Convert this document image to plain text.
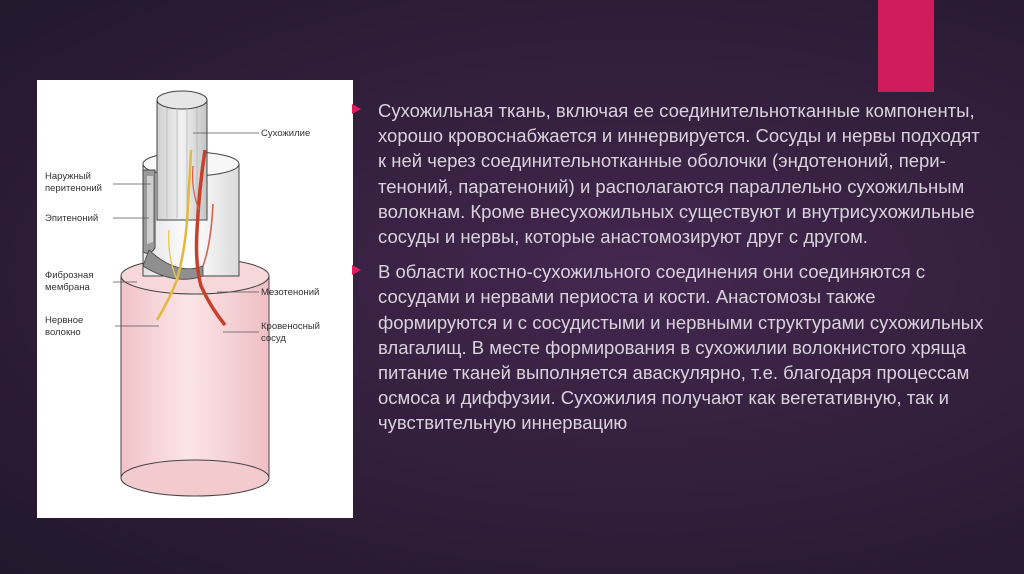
Сухожилие
Наружный
перитеноний
Эпитеноний
Фиброзная
мембрана	Мезотеноний
Нервное
волокно
Кровеносный
сосуд

Сухожильная ткань, включая ее соединительнотканные компоненты, хорошо кровоснабжается и иннервируется. Сосуды и нервы подходят к ней через соединительнотканные оболочки (эндотеноний, пери-теноний, паратеноний) и располагаются параллельно сухожильным волокнам. Кроме внесухожильных существуют и внутрисухожильные сосуды и нервы, которые анастомозируют друг с другом.

В области костно-сухожильного соединения они соединяются с сосудами и нервами периоста и кости. Анастомозы также формируются и с сосудистыми и нервными структурами сухожильных влагалищ. В месте формирования в сухожилии волокнистого хряща питание тканей выполняется аваскулярно, т.е. благодаря процессам осмоса и диффузии. Сухожилия получают как вегетативную, так и чувствительную иннервацию
